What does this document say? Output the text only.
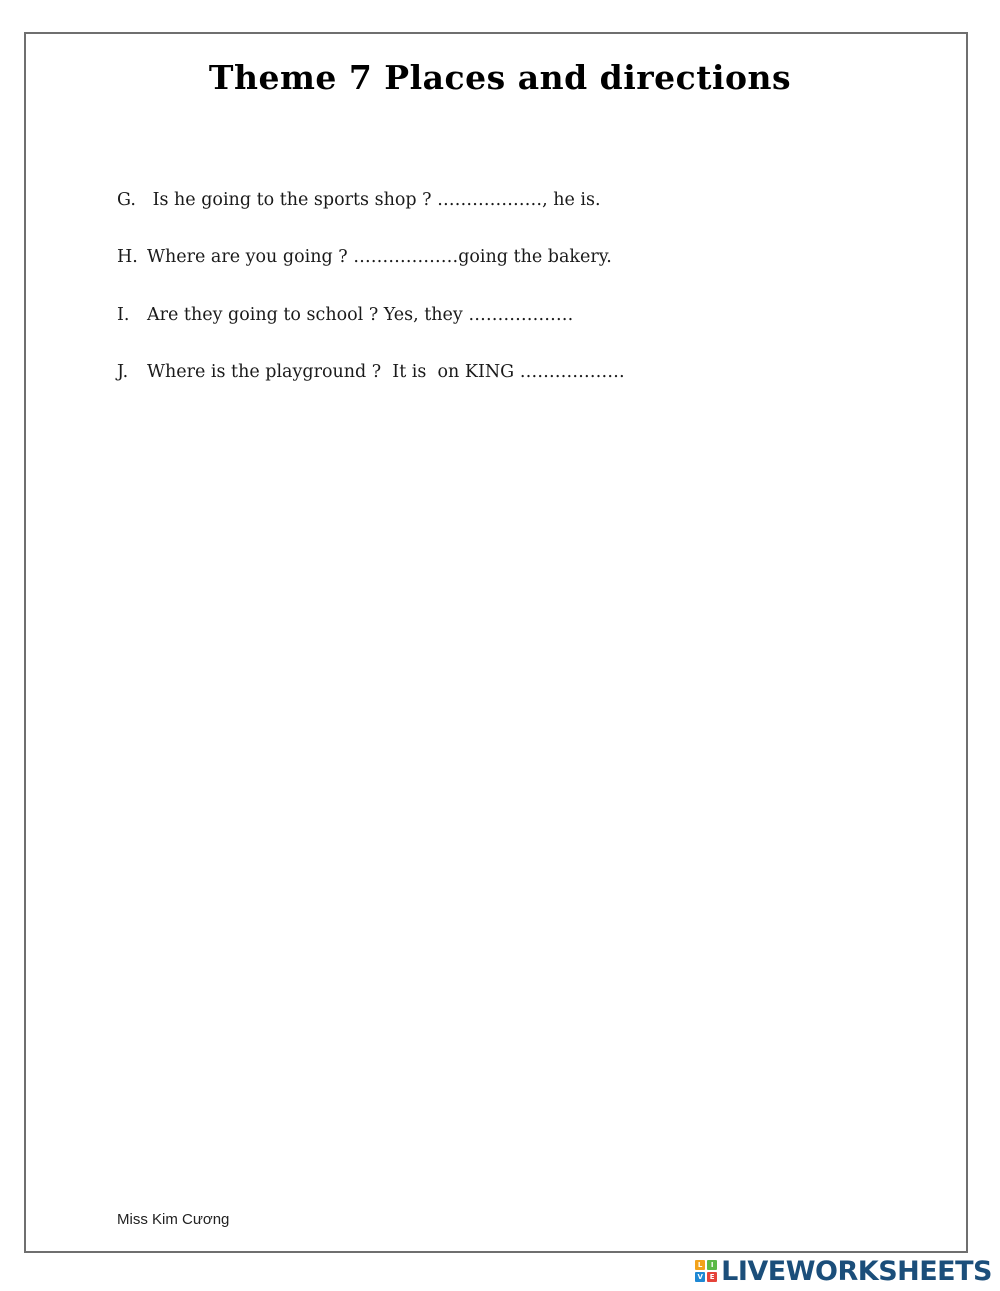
Theme 7 Places and directions

G. Is he going to the sports shop ? ………………, he is.

H. Where are you going ? ………………going the bakery.

I. Are they going to school ? Yes, they ………………

J. Where is the playground ?  It is  on KING ………………

Miss Kim Cương
L	I
V E LIVEWORKSHEETS
